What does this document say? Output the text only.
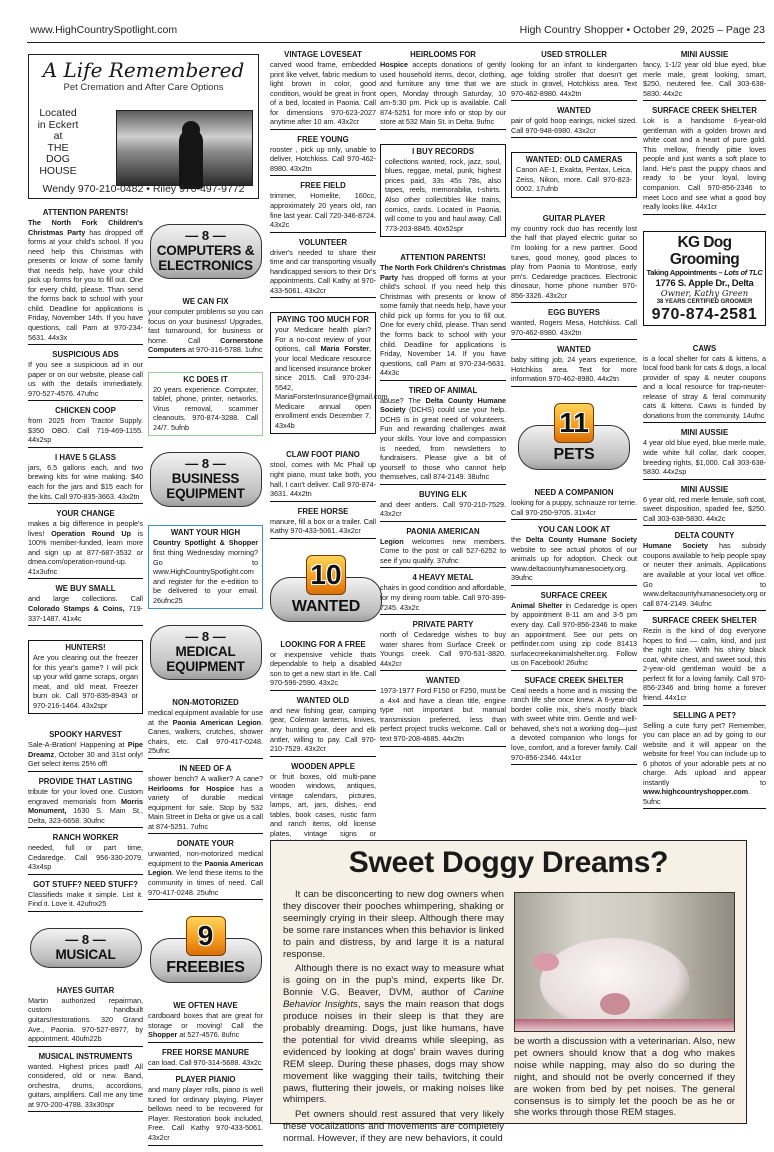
www.HighCountrySpotlight.com	High Country Shopper • October 29, 2025 – Page 23
A Life Remembered
Pet Cremation and After Care Options
Located
in Eckert
at
THE
DOG
HOUSE
Wendy 970-210-0482 • Riley 970-497-9772
ATTENTION PARENTS!
The North Fork Children's Christmas Party has dropped off forms at your child's school. If you need help this Christmas with presents or know of some family that needs help, have your child pick up forms for you to fill out. One for every child, please. Than send the forms back to school with your child. Deadline for applications is Friday, November 14th. If you have questions, call Pam at 970-234-5631. 44x3x
SUSPICIOUS ADS
If you see a suspicious ad in our paper or on our website, please call us with the details immediately. 970-527-4576. 47ufnc
CHICKEN COOP
from 2025 from Tractor Supply. $350 OBO. Call 719-469-1155. 44x2sp
I HAVE 5 GLASS
jars, 6.5 gallons each, and two brewing kits for wine making. $40 each for the jars and $15 each for the kits. Call 970-835-3663. 43x2tn
YOUR CHANGE
makes a big difference in people's lives! Operation Round Up is 100% member-funded, learn more and sign up at 877-687-3532 or dmea.com/operation-round-up. 41x3ufnc
WE BUY SMALL
and large collections. Call Colorado Stamps & Coins, 719-337-1487. 41x4c
HUNTERS!
Are you clearing out the freezer for this year's game? I will pick up your wild game scraps, organ meat, and old meat. Freezer burn ok. Call 970-835-8943 or 970-216-1464. 43x2spr
SPOOKY HARVEST
Sale-A-Bration! Happening at Pipe Dreamz, October 30 and 31st only! Get select items 25% off!
PROVIDE THAT LASTING
tribute for your loved one. Custom engraved memorials from Morris Monument, 1630 S. Main St., Delta, 323-6658. 30ufnc
RANCH WORKER
needed, full or part time, Cedaredge. Call 956-330-2079. 43x4sp
GOT STUFF? NEED STUFF?
Classifieds make it simple. List it. Find it. Love it. 42ufnx25
— 8 —
MUSICAL
HAYES GUITAR
Martin authorized repairman, custom handbuilt guitars/restorations. 320 Grand Ave., Paonia. 970-527-8977, by appointment. 40ufn22b
MUSICAL INSTRUMENTS
wanted. Highest prices paid! All considered, old or new. Band, orchestra, drums, accordions, guitars, amplifiers. Call me any time at 970-200-4788. 33x30spr
— 8 —
COMPUTERS &
ELECTRONICS
WE CAN FIX
your computer problems so you can focus on your business! Upgrades, fast turnaround, for business or home. Call Cornerstone Computers at 970-316-5788. 1ufnc
KC DOES IT
20 years experience. Computer, tablet, phone, printer, networks. Virus removal, scammer cleanouts. 970-874-3288. Call 24/7. 5ufnb
— 8 —
BUSINESS
EQUIPMENT
WANT YOUR HIGH
Country Spotlight & Shopper first thing Wednesday morning? Go to www.HighCountrySpotlight.com and register for the e-edition to be delivered to your email. 26ufnc25
— 8 —
MEDICAL
EQUIPMENT
NON-MOTORIZED
medical equipment available for use at the Paonia American Legion. Canes, walkers, crutches, shower chairs, etc. Call 970-417-0248. 25ufnc
IN NEED OF A
shower bench? A walker? A cane? Heirlooms for Hospice has a variety of durable medical equipment for sale. Stop by 532 Main Street in Delta or give us a call at 874-5251. 7ufnc
DONATE YOUR
unwanted, non-motorized medical equipment to the Paonia American Legion. We lend these items to the community in times of need. Call 970-417-0248. 25ufnc
9
FREEBIES
WE OFTEN HAVE
cardboard boxes that are great for storage or moving! Call the Shopper at 527-4576. 8ufnc
FREE HORSE MANURE
can load. Call 970-314-5688. 43x2c
PLAYER PIANIO
and many player rolls, piano is well tuned for ordinary playing. Player bellows need to be recovered for Player. Restoration book included, Free. Call Kathy 970-433-5061. 43x2cr
VINTAGE LOVESEAT
carved wood frame, embedded print like velvet, fabric medium to light brown in color, good condition, would be great in front of a bed, located in Paonia. Call for dimensions 970-623-2027 anytime after 10 am. 43x2cr
FREE YOUNG
rooster , pick up only, unable to deliver, Hotchkiss. Call 970-462-8980. 43x2tn
FREE FIELD
trimmer, Homelite, 160cc, approximately 20 years old, ran fine last year. Call 720-346-8724. 43x2c
VOLUNTEER
driver's needed to share their time and car transporting visually handicapped seniors to their Dr's appointments. Call Kathy at 970-433-5061. 43x2cr
PAYING TOO MUCH FOR
your Medicare health plan? For a no-cost review of your options, call Maria Forster, your local Medicare resource and licensed insurance broker since 2015. Call 970-234-5542, MariaForsterInsurance@gmail.com. Medicare annual open enrollment ends December 7. 43x4b
CLAW FOOT PIANO
stool, comes with Mc Phail up right piano, must take both, you hall, I can't deliver. Call 970-874-3631. 44x2tn
FREE HORSE
manure, fill a box or a trailer. Call Kathy 970-433-5061. 43x2cr
10
WANTED
LOOKING FOR A FREE
or inexpensive vehicle thats dependable to help a disabled son to get a new start in life. Call 970-596-2590. 43x2c
WANTED OLD
and new fishing gear, camping gear, Coleman lanterns, knives, any hunting gear, deer and elk antler, willing to pay. Call 970-210-7529. 43x2cr
WOODEN APPLE
or fruit boxes, old multi-pane wooden windows, antiques, vintage calendars, pictures, lamps, art, jars, dishes, end tables, book cases, rustic farm and ranch items, old license plates, vintage signs or
HEIRLOOMS FOR
Hospice accepts donations of gently used household items, decor, clothing, and furniture any time that we are open, Monday through Saturday, 10 am-5:30 pm. Pick up is available. Call 874-5251 for more info or stop by our store at 532 Main St. in Delta. 9ufnc
I BUY RECORDS
collections wanted, rock, jazz, soul, blues, reggae, metal, punk, highest prices paid, 33s 45s 78s, also tapes, reels, memorabilia, t-shirts. Also other collectibles like trains, comics, cards. Located in Paonia, will come to you and haul away. Call 773-203-8845. 40x52spr
ATTENTION PARENTS!
The North Fork Children's Christmas Party has dropped off forms at your child's school. If you need help this Christmas with presents or know of some family that needs help, have your child pick up forms for you to fill out. One for every child, please. Than send the forms back to school with your child. Deadline for applications is Friday, November 14. If you have questions, call Pam at 970-234-5631. 44x3c
TIRED OF ANIMAL
abuse? The Delta County Humane Society (DCHS) could use your help. DCHS is in great need of volunteers. Fun and rewarding challenges await your skills. Your love and compassion is needed, from newsletters to fundraisers. Please give a bit of yourself to those who cannot help themselves, call 874-2149. 38ufnc
BUYING ELK
and deer antlers. Call 970-210-7529. 43x2cr
PAONIA AMERICAN
Legion welcomes new members. Come to the post or call 527-6252 to see if you qualify. 37ufnc
4 HEAVY METAL
chairs in good condition and affordable, for my dining room table. Call 970-399-7245. 43x2c
PRIVATE PARTY
north of Cedaredge wishes to buy water shares from Surface Creek or Youngs creek. Call 970-531-3820. 44x2cr
WANTED
1973-1977 Ford F150 or F250, must be a 4x4 and have a clean title, engine type not important but manual transmission preferred, less than perfect project trucks welcome. Call or text 970-208-4685. 44x2tn
USED STROLLER
looking for an infant to kindergarten age folding stroller that doesn't get stuck in gravel, Hotchkiss area. Text 970-462-8980. 44x2tn
WANTED
pair of gold hoop earings, nickel sized. Call 970-948-6980. 43x2cr
WANTED: OLD CAMERAS
Canon AE-1, Exakta, Pentax, Leica, Zeiss, Nikon, more. Call 970-823-0002. 17ufnb
GUITAR PLAYER
my country rock duo has recently lost the half that played electric guitar so I'm looking for a new partner. Good tunes, good money, good places to play from Paonia to Montrose, early pm's. Cedaredge practices. Electronic dinosaur, home phone number 970-856-3326. 43x2cr
EGG BUYERS
wanted, Rogers Mesa, Hotchkiss. Call 970-462-8980. 43x2tn
WANTED
baby sitting job, 24 years experience, Hotchkiss area. Text for more information 970-462-8980. 44x2tn
11
PETS
NEED A COMPANION
looking for a puppy, schnauze ror terrie. Call 970-250-9705. 31x4cr
YOU CAN LOOK AT
the Delta County Humane Society website to see actual photos of our animals up for adoption. Check out www.deltacountyhumanesociety.org. 39ufnc
SURFACE CREEK
Animal Shelter in Cedaredge is open by appointment 8-11 am and 3-5 pm every day. Call 970-856-2346 to make an appointment. See our pets on petfinder.com using zip code 81413 surfacecreekanimalshelter.org. Follow us on Facebook! 26ufnc
SUFACE CREEK SHELTER
Ceal needs a home and is missing the ranch life she once knew. A 6-year-old border collie mix, she's mostly black with sweet white trim. Gentle and well-behaved, she's not a working dog—just a devoted companion who longs for love, comfort, and a forever family. Call 970-856-2346. 44x1cr
MINI AUSSIE
fancy, 1-1/2 year old blue eyed, blue merle male, great looking, smart, $250, neutered fee. Call 303-638-5830. 44x2c
SURFACE CREEK SHELTER
Lok is a handsome 6-year-old gentleman with a golden brown and white coat and a heart of pure gold. This mellow, friendly pittie loves people and just wants a soft place to land. He's past the puppy chaos and ready to be your loyal, loving companion. Call 970-856-2346 to meet Loco and see what a good boy really looks like. 44x1cr
KG Dog Grooming
Taking Appointments – Lots of TLC
1776 S. Apple Dr., Delta
Owner, Kathy Green
38 YEARS CERTIFIED GROOMER
970-874-2581
CAWS
is a local shelter for cats & kittens, a local food bank for cats & dogs, a local provider of spay & neuter coupons and a local resource for trap-neuter-release of stray & feral community cats & kittens. Caws is funded by donations from the community. 14ufnc
MINI AUSSIE
4 year old blue eyed, blue merle male, wide white full collar, dark cooper, breeding rights, $1,000. Call 303-638-5830. 44x2sp
MINI AUSSIE
6 year old, red merle female, soft coat, sweet disposition, spaded fee, $250. Call 303-638-5830. 44x2c
DELTA COUNTY
Humane Society has subsidy coupons available to help people spay or neuter their animals. Applications are available at your local vet office. Go to www.deltacountyhumanesociety.org or call 874-2149. 34ufnc
SURFACE CREEK SHELTER
Rezin is the kind of dog everyone hopes to find — calm, kind, and just the right size. With his shiny black coat, white chest, and sweet soul, this 2-year-old gentleman would be a perfect fit for a loving family. Call 970-856-2346 and bring home a forever friend. 44x1cr
SELLING A PET?
Selling a cute furry pet? Remember, you can place an ad by going to our website and it will appear on the website for free! You can include up to 6 photos of your adorable pets at no charge. Ads upload and appear instantly to www.highcountryshopper.com. 5ufnc
Sweet Doggy Dreams?

It can be disconcerting to new dog owners when they discover their pooches whimpering, shaking or seemingly crying in their sleep. Although there may be some rare instances when this behavior is linked to pain and distress, by and large it is a natural response.

Although there is no exact way to measure what is going on in the pup's mind, experts like Dr. Bonnie V.G. Beaver, DVM, author of Canine Behavior Insights, says the main reason that dogs produce noises in their sleep is that they are probably dreaming. Dogs, just like humans, have the potential for vivid dreams while sleeping, as evidenced by looking at dogs' brain waves during REM sleep. During these phases, dogs may show movement like wagging their tails, twitching their paws, fluttering their jowels, or making noises like whimpers.

Pet owners should rest assured that very likely these vocalizations and movements are completely normal. However, if they are new behaviors, it could

be worth a discussion with a veterinarian. Also, new pet owners should know that a dog who makes noise while napping, may also do so during the night, and should not be overly concerned if they are woken from bed by pet noises. The general consensus is to simply let the pooch be as he or she works through those REM stages.
